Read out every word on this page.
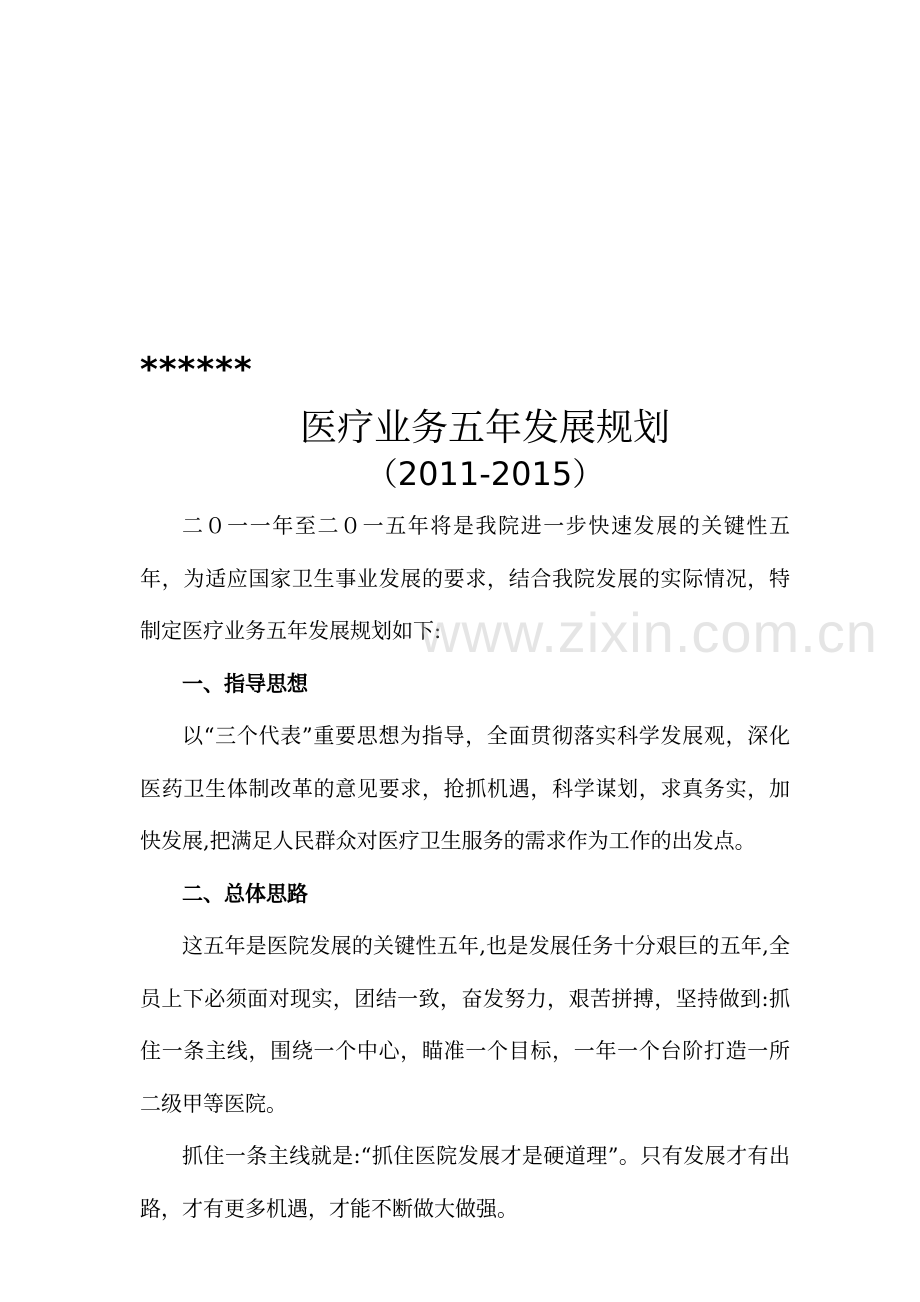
******
医疗业务五年发展规划
（2011-2015）

二０一一年至二０一五年将是我院进一步快速发展的关键性五年，为适应国家卫生事业发展的要求，结合我院发展的实际情况，特制定医疗业务五年发展规划如下:

一、指导思想

以“三个代表”重要思想为指导，全面贯彻落实科学发展观，深化医药卫生体制改革的意见要求，抢抓机遇，科学谋划，求真务实，加快发展,把满足人民群众对医疗卫生服务的需求作为工作的出发点。

二、总体思路

这五年是医院发展的关键性五年,也是发展任务十分艰巨的五年,全员上下必须面对现实，团结一致，奋发努力，艰苦拼搏，坚持做到:抓住一条主线，围绕一个中心，瞄准一个目标，一年一个台阶打造一所二级甲等医院。

抓住一条主线就是:“抓住医院发展才是硬道理”。只有发展才有出路，才有更多机遇，才能不断做大做强。

www.zixin.com.cn
